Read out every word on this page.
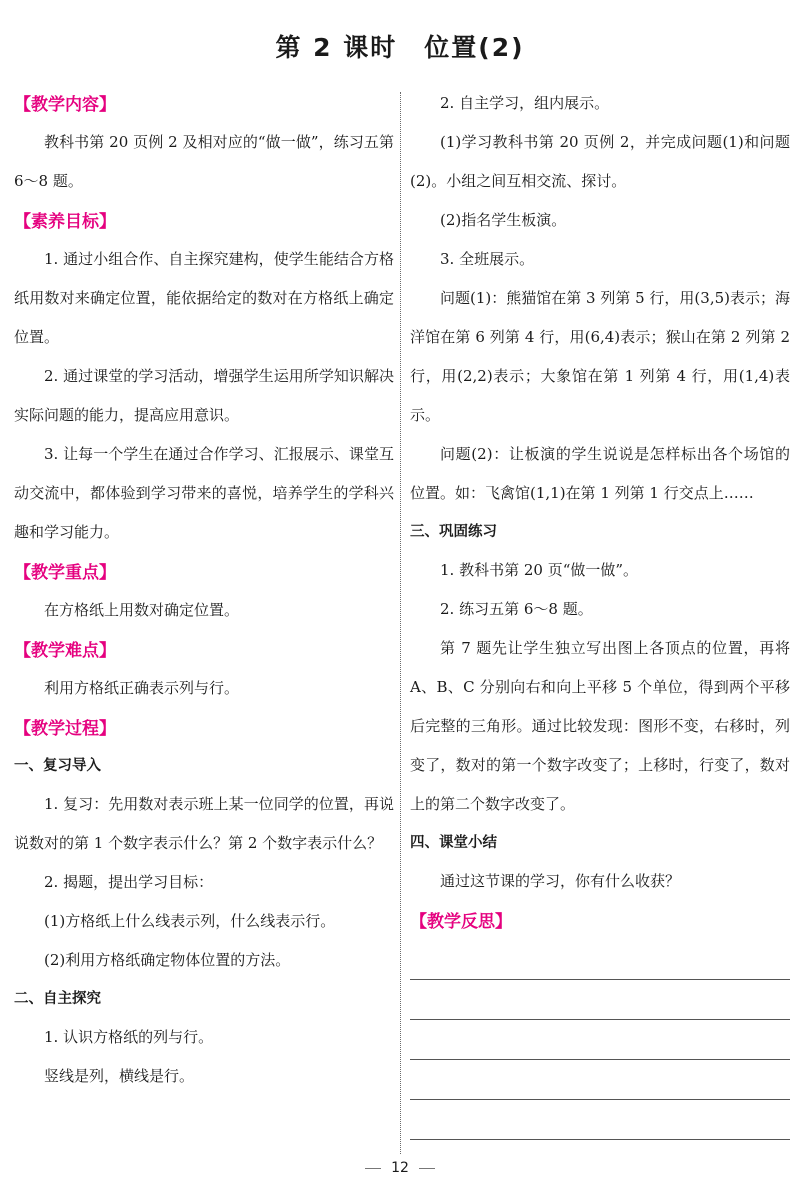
第 2 课时　位置(2)
【教学内容】

教科书第 20 页例 2 及相对应的“做一做”，练习五第 6～8 题。

【素养目标】

1. 通过小组合作、自主探究建构，使学生能结合方格纸用数对来确定位置，能依据给定的数对在方格纸上确定位置。

2. 通过课堂的学习活动，增强学生运用所学知识解决实际问题的能力，提高应用意识。

3. 让每一个学生在通过合作学习、汇报展示、课堂互动交流中，都体验到学习带来的喜悦，培养学生的学科兴趣和学习能力。

【教学重点】

在方格纸上用数对确定位置。

【教学难点】

利用方格纸正确表示列与行。

【教学过程】
一、复习导入

1. 复习：先用数对表示班上某一位同学的位置，再说说数对的第 1 个数字表示什么？第 2 个数字表示什么？

2. 揭题，提出学习目标：

(1)方格纸上什么线表示列，什么线表示行。

(2)利用方格纸确定物体位置的方法。

二、自主探究

1. 认识方格纸的列与行。

竖线是列，横线是行。

2. 自主学习，组内展示。

(1)学习教科书第 20 页例 2，并完成问题(1)和问题(2)。小组之间互相交流、探讨。

(2)指名学生板演。

3. 全班展示。

问题(1)：熊猫馆在第 3 列第 5 行，用(3,5)表示；海洋馆在第 6 列第 4 行，用(6,4)表示；猴山在第 2 列第 2 行，用(2,2)表示；大象馆在第 1 列第 4 行，用(1,4)表示。

问题(2)：让板演的学生说说是怎样标出各个场馆的位置。如：飞禽馆(1,1)在第 1 列第 1 行交点上……

三、巩固练习

1. 教科书第 20 页“做一做”。

2. 练习五第 6～8 题。

第 7 题先让学生独立写出图上各顶点的位置，再将 A、B、C 分别向右和向上平移 5 个单位，得到两个平移后完整的三角形。通过比较发现：图形不变，右移时，列变了，数对的第一个数字改变了；上移时，行变了，数对上的第二个数字改变了。

四、课堂小结

通过这节课的学习，你有什么收获？

【教学反思】
12
